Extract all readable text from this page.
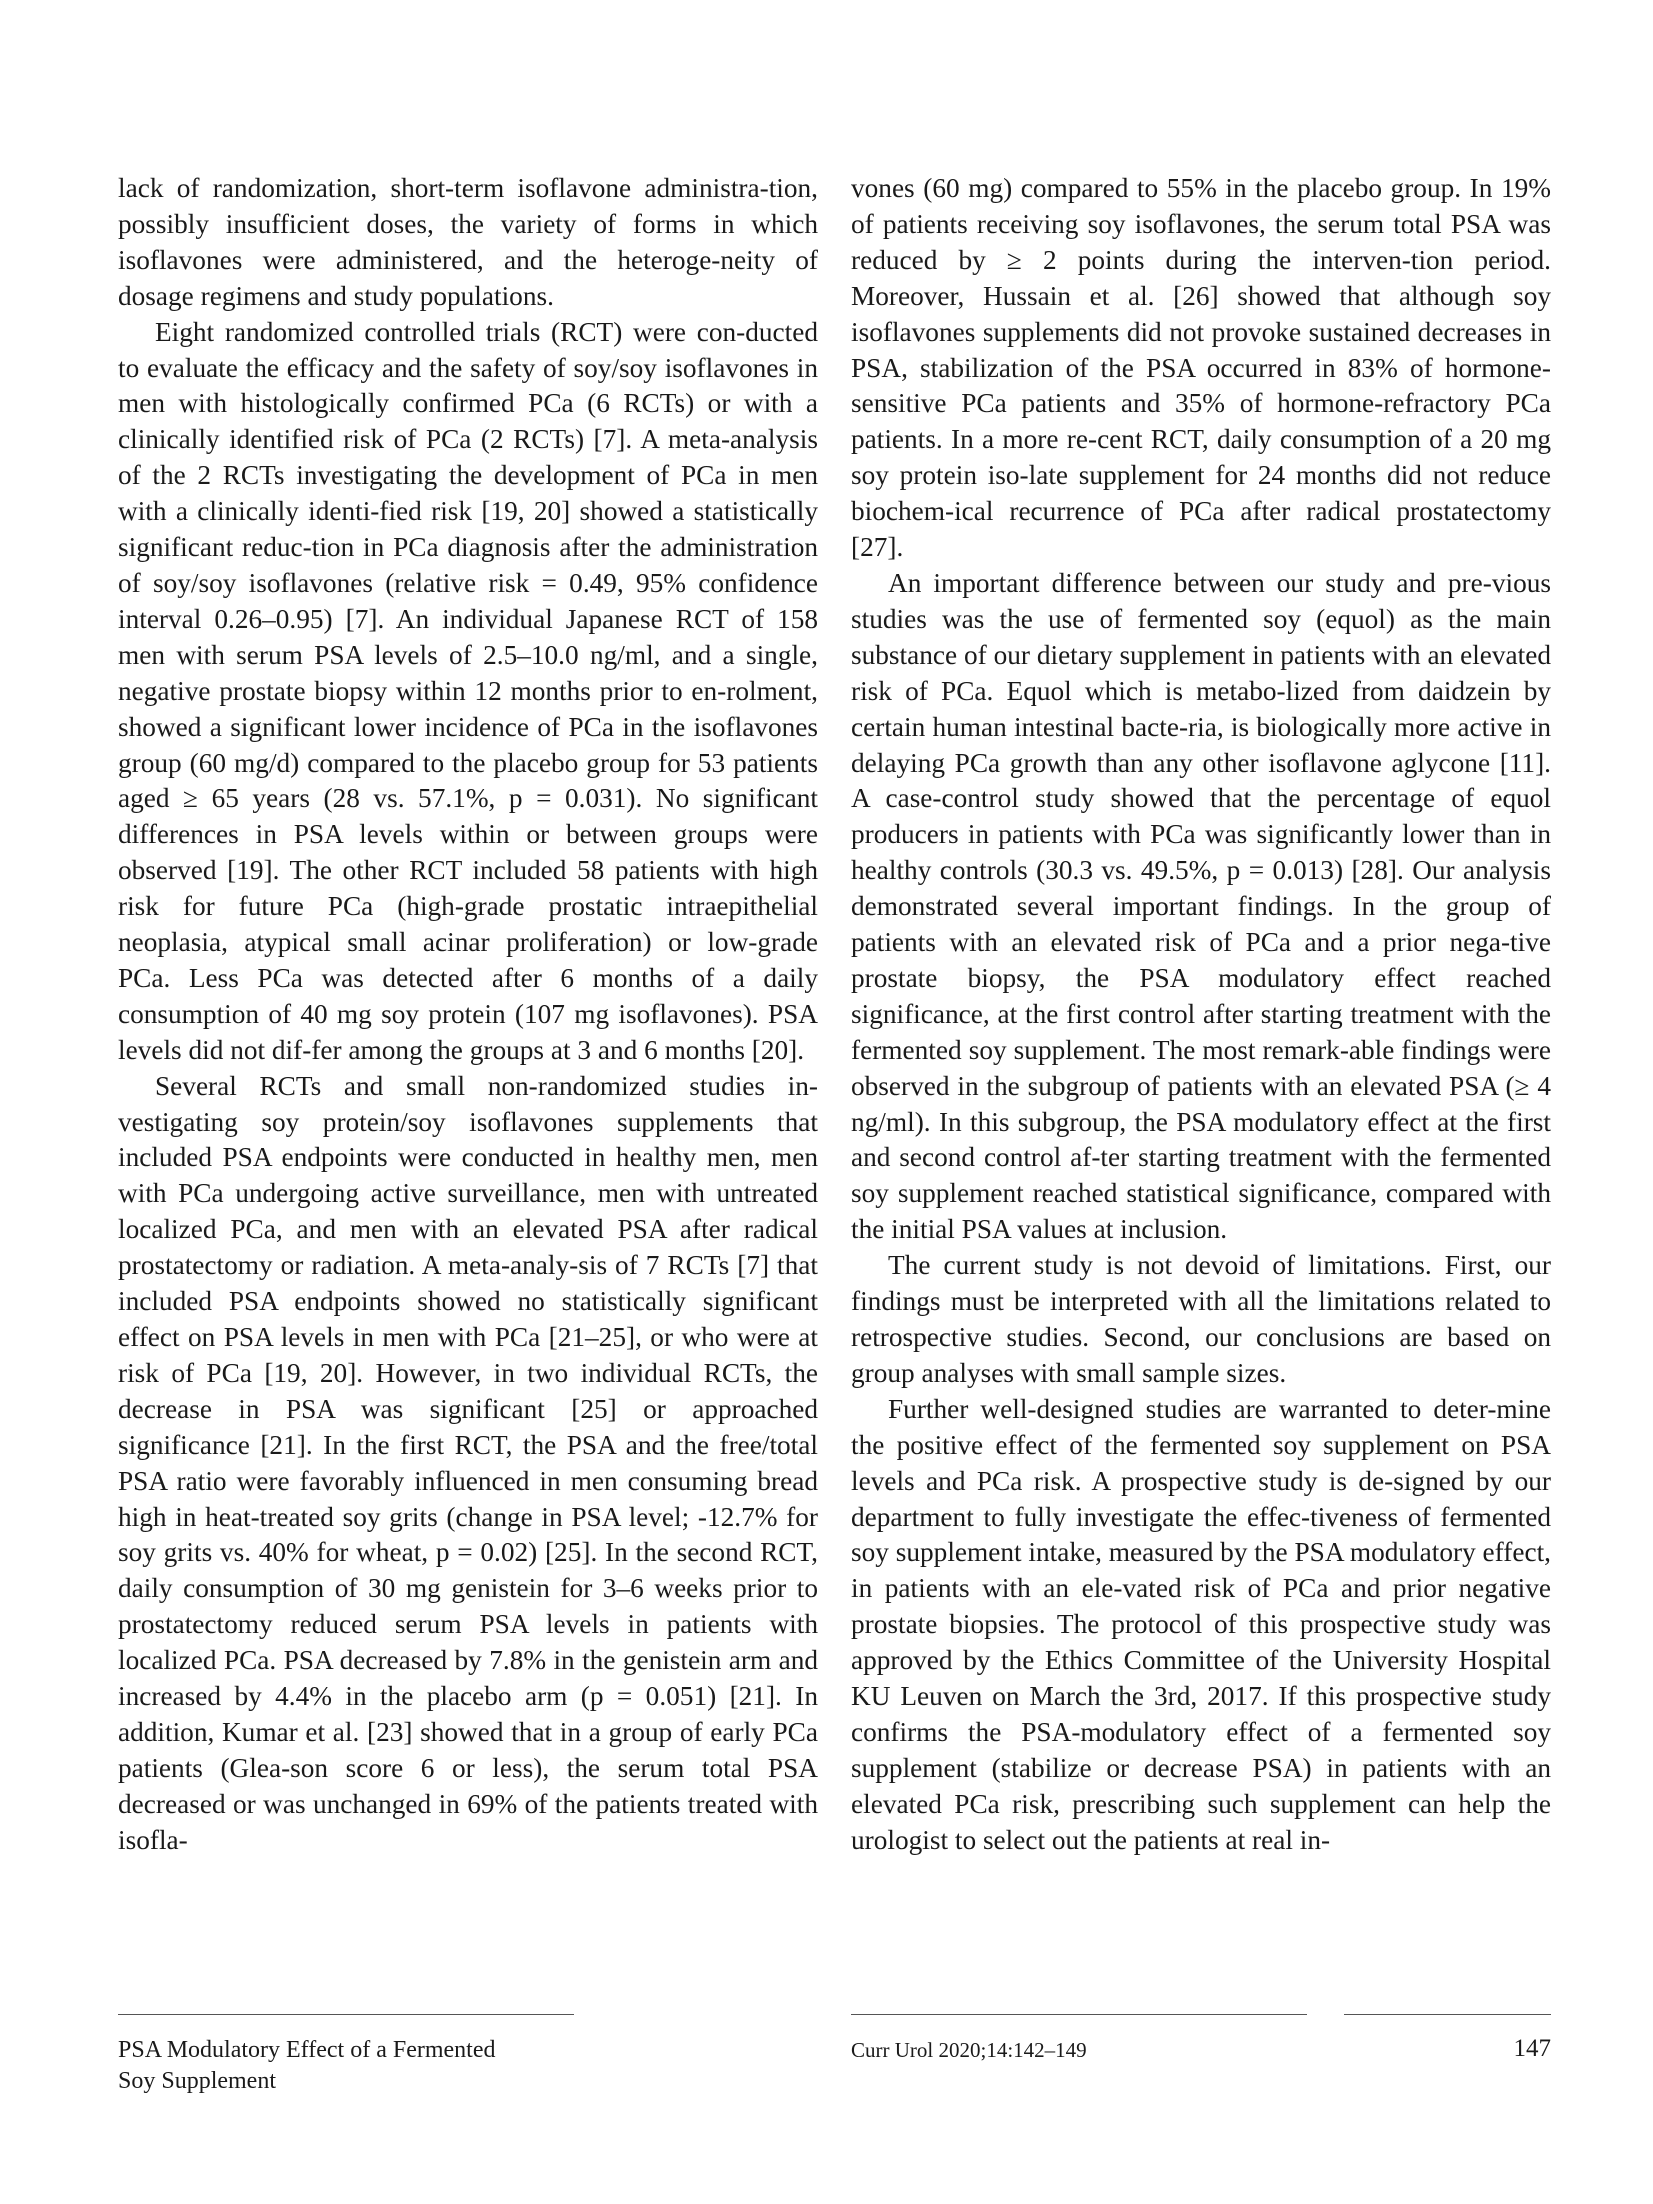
lack of randomization, short-term isoflavone administra-tion, possibly insufficient doses, the variety of forms in which isoflavones were administered, and the heteroge-neity of dosage regimens and study populations.

Eight randomized controlled trials (RCT) were con-ducted to evaluate the efficacy and the safety of soy/soy isoflavones in men with histologically confirmed PCa (6 RCTs) or with a clinically identified risk of PCa (2 RCTs) [7]. A meta-analysis of the 2 RCTs investigating the development of PCa in men with a clinically identi-fied risk [19, 20] showed a statistically significant reduc-tion in PCa diagnosis after the administration of soy/soy isoflavones (relative risk = 0.49, 95% confidence interval 0.26–0.95) [7]. An individual Japanese RCT of 158 men with serum PSA levels of 2.5–10.0 ng/ml, and a single, negative prostate biopsy within 12 months prior to en-rolment, showed a significant lower incidence of PCa in the isoflavones group (60 mg/d) compared to the placebo group for 53 patients aged ≥ 65 years (28 vs. 57.1%, p = 0.031). No significant differences in PSA levels within or between groups were observed [19]. The other RCT included 58 patients with high risk for future PCa (high-grade prostatic intraepithelial neoplasia, atypical small acinar proliferation) or low-grade PCa. Less PCa was detected after 6 months of a daily consumption of 40 mg soy protein (107 mg isoflavones). PSA levels did not dif-fer among the groups at 3 and 6 months [20].

Several RCTs and small non-randomized studies in-vestigating soy protein/soy isoflavones supplements that included PSA endpoints were conducted in healthy men, men with PCa undergoing active surveillance, men with untreated localized PCa, and men with an elevated PSA after radical prostatectomy or radiation. A meta-analy-sis of 7 RCTs [7] that included PSA endpoints showed no statistically significant effect on PSA levels in men with PCa [21–25], or who were at risk of PCa [19, 20]. However, in two individual RCTs, the decrease in PSA was significant [25] or approached significance [21]. In the first RCT, the PSA and the free/total PSA ratio were favorably influenced in men consuming bread high in heat-treated soy grits (change in PSA level; -12.7% for soy grits vs. 40% for wheat, p = 0.02) [25]. In the second RCT, daily consumption of 30 mg genistein for 3–6 weeks prior to prostatectomy reduced serum PSA levels in patients with localized PCa. PSA decreased by 7.8% in the genistein arm and increased by 4.4% in the placebo arm (p = 0.051) [21]. In addition, Kumar et al. [23] showed that in a group of early PCa patients (Glea-son score 6 or less), the serum total PSA decreased or was unchanged in 69% of the patients treated with isofla-

vones (60 mg) compared to 55% in the placebo group. In 19% of patients receiving soy isoflavones, the serum total PSA was reduced by ≥ 2 points during the interven-tion period. Moreover, Hussain et al. [26] showed that although soy isoflavones supplements did not provoke sustained decreases in PSA, stabilization of the PSA occurred in 83% of hormone-sensitive PCa patients and 35% of hormone-refractory PCa patients. In a more re-cent RCT, daily consumption of a 20 mg soy protein iso-late supplement for 24 months did not reduce biochem-ical recurrence of PCa after radical prostatectomy [27].

An important difference between our study and pre-vious studies was the use of fermented soy (equol) as the main substance of our dietary supplement in patients with an elevated risk of PCa. Equol which is metabo-lized from daidzein by certain human intestinal bacte-ria, is biologically more active in delaying PCa growth than any other isoflavone aglycone [11]. A case-control study showed that the percentage of equol producers in patients with PCa was significantly lower than in healthy controls (30.3 vs. 49.5%, p = 0.013) [28]. Our analysis demonstrated several important findings. In the group of patients with an elevated risk of PCa and a prior nega-tive prostate biopsy, the PSA modulatory effect reached significance, at the first control after starting treatment with the fermented soy supplement. The most remark-able findings were observed in the subgroup of patients with an elevated PSA (≥ 4 ng/ml). In this subgroup, the PSA modulatory effect at the first and second control af-ter starting treatment with the fermented soy supplement reached statistical significance, compared with the initial PSA values at inclusion.

The current study is not devoid of limitations. First, our findings must be interpreted with all the limitations related to retrospective studies. Second, our conclusions are based on group analyses with small sample sizes.

Further well-designed studies are warranted to deter-mine the positive effect of the fermented soy supplement on PSA levels and PCa risk. A prospective study is de-signed by our department to fully investigate the effec-tiveness of fermented soy supplement intake, measured by the PSA modulatory effect, in patients with an ele-vated risk of PCa and prior negative prostate biopsies. The protocol of this prospective study was approved by the Ethics Committee of the University Hospital KU Leuven on March the 3rd, 2017. If this prospective study confirms the PSA-modulatory effect of a fermented soy supplement (stabilize or decrease PSA) in patients with an elevated PCa risk, prescribing such supplement can help the urologist to select out the patients at real in-

PSA Modulatory Effect of a Fermented
Soy Supplement
Curr Urol 2020;14:142–149	147
